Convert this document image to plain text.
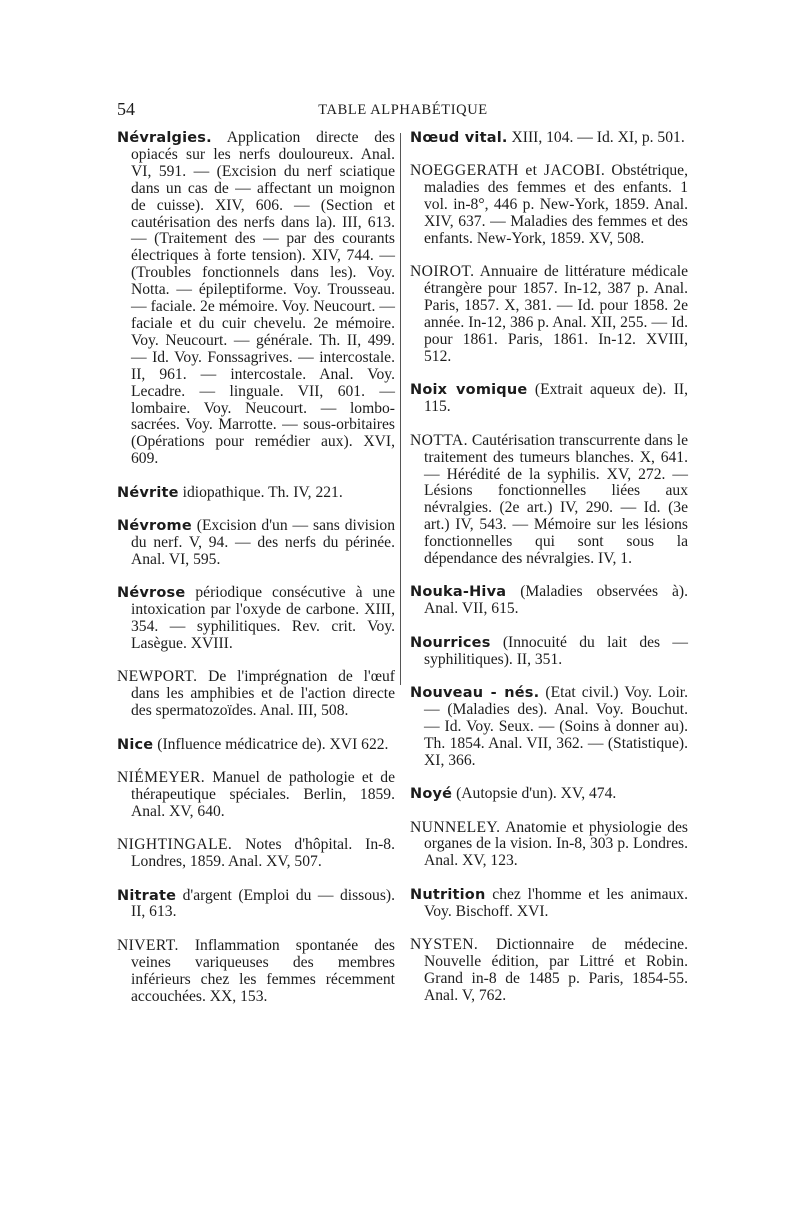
54	TABLE ALPHABÉTIQUE

Névralgies. Application directe des opiacés sur les nerfs douloureux. Anal. VI, 591. — (Excision du nerf sciatique dans un cas de — affectant un moignon de cuisse). XIV, 606. — (Section et cautérisation des nerfs dans la). III, 613. — (Traitement des — par des courants électriques à forte tension). XIV, 744. — (Troubles fonctionnels dans les). Voy. Notta. — épileptiforme. Voy. Trousseau. — faciale. 2e mémoire. Voy. Neucourt. — faciale et du cuir chevelu. 2e mémoire. Voy. Neucourt. — générale. Th. II, 499. — Id. Voy. Fonssagrives. — intercostale. II, 961. — intercostale. Anal. Voy. Lecadre. — linguale. VII, 601. — lombaire. Voy. Neucourt. — lombo-sacrées. Voy. Marrotte. — sous-orbitaires (Opérations pour remédier aux). XVI, 609.

Névrite idiopathique. Th. IV, 221.

Névrome (Excision d'un — sans division du nerf. V, 94. — des nerfs du périnée. Anal. VI, 595.

Névrose périodique consécutive à une intoxication par l'oxyde de carbone. XIII, 354. — syphilitiques. Rev. crit. Voy. Lasègue. XVIII.

NEWPORT. De l'imprégnation de l'œuf dans les amphibies et de l'action directe des spermatozoïdes. Anal. III, 508.

Nice (Influence médicatrice de). XVI 622.

NIÉMEYER. Manuel de pathologie et de thérapeutique spéciales. Berlin, 1859. Anal. XV, 640.

NIGHTINGALE. Notes d'hôpital. In-8. Londres, 1859. Anal. XV, 507.

Nitrate d'argent (Emploi du — dissous). II, 613.

NIVERT. Inflammation spontanée des veines variqueuses des membres inférieurs chez les femmes récemment accouchées. XX, 153.

Nœud vital. XIII, 104. — Id. XI, p. 501.

NOEGGERATH et JACOBI. Obstétrique, maladies des femmes et des enfants. 1 vol. in-8°, 446 p. New-York, 1859. Anal. XIV, 637. — Maladies des femmes et des enfants. New-York, 1859. XV, 508.

NOIROT. Annuaire de littérature médicale étrangère pour 1857. In-12, 387 p. Anal. Paris, 1857. X, 381. — Id. pour 1858. 2e année. In-12, 386 p. Anal. XII, 255. — Id. pour 1861. Paris, 1861. In-12. XVIII, 512.

Noix vomique (Extrait aqueux de). II, 115.

NOTTA. Cautérisation transcurrente dans le traitement des tumeurs blanches. X, 641. — Hérédité de la syphilis. XV, 272. — Lésions fonctionnelles liées aux névralgies. (2e art.) IV, 290. — Id. (3e art.) IV, 543. — Mémoire sur les lésions fonctionnelles qui sont sous la dépendance des névralgies. IV, 1.

Nouka-Hiva (Maladies observées à). Anal. VII, 615.

Nourrices (Innocuité du lait des — syphilitiques). II, 351.

Nouveau - nés. (Etat civil.) Voy. Loir. — (Maladies des). Anal. Voy. Bouchut. — Id. Voy. Seux. — (Soins à donner au). Th. 1854. Anal. VII, 362. — (Statistique). XI, 366.

Noyé (Autopsie d'un). XV, 474.

NUNNELEY. Anatomie et physiologie des organes de la vision. In-8, 303 p. Londres. Anal. XV, 123.

Nutrition chez l'homme et les animaux. Voy. Bischoff. XVI.

NYSTEN. Dictionnaire de médecine. Nouvelle édition, par Littré et Robin. Grand in-8 de 1485 p. Paris, 1854-55. Anal. V, 762.
